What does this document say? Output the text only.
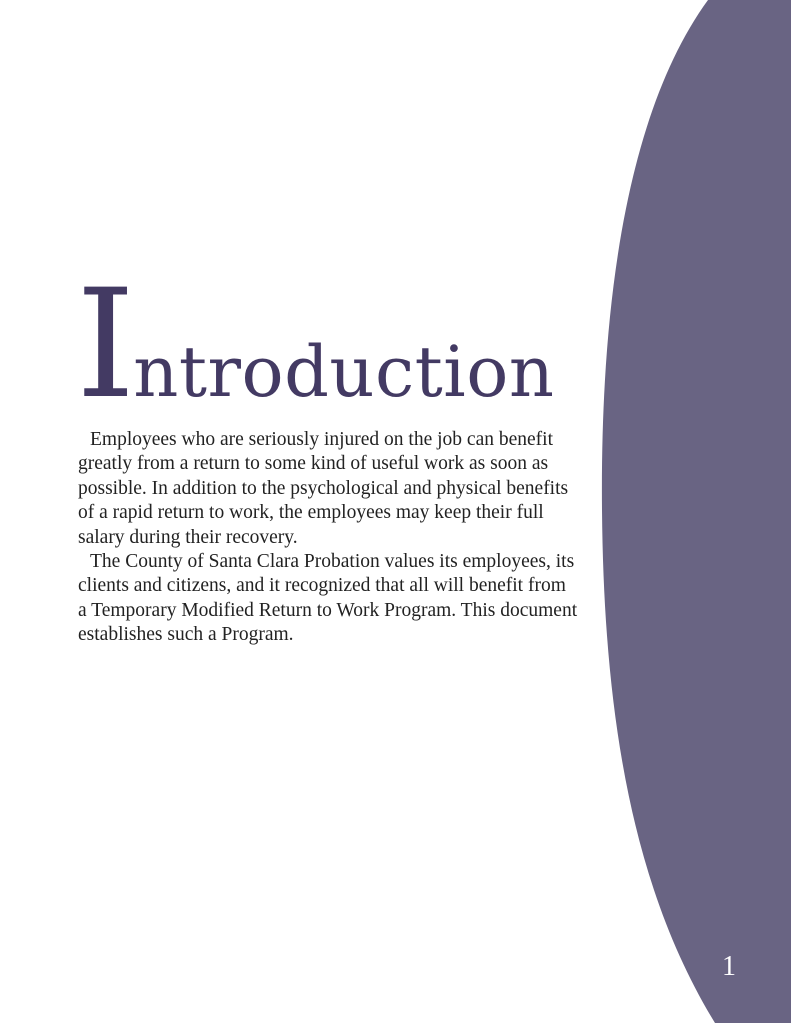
Introduction

Employees who are seriously injured on the job can benefit greatly from a return to some kind of useful work as soon as possible. In addition to the psychological and physical benefits of a rapid return to work, the employees may keep their full salary during their recovery.

The County of Santa Clara Probation values its employees, its clients and citizens, and it recognized that all will benefit from a Temporary Modified Return to Work Program. This document establishes such a Program.

1
